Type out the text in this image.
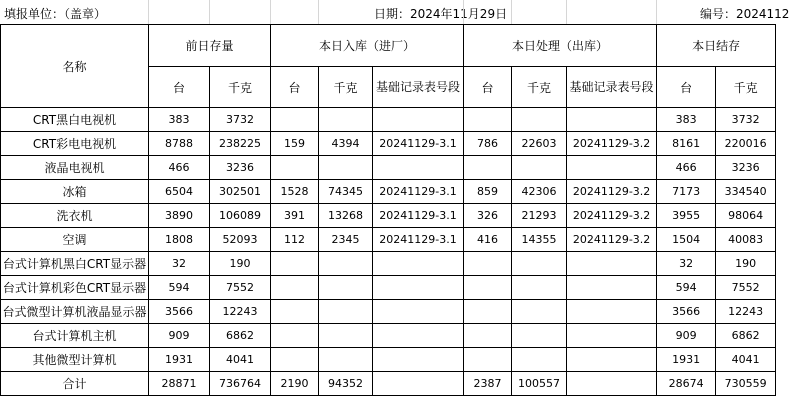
填报单位：（盖章）	日期：2024年11月29日	编号：2024112
名称	前日存量		本日入库（进厂）			本日处理（出库）			本日结存	
	台	千克	台	千克	基础记录表号段	台	千克	基础记录表号段	台	千克
CRT黑白电视机	383	3732							383	3732
CRT彩电电视机	8788	238225	159	4394	20241129-3.1	786	22603	20241129-3.2	8161	220016
液晶电视机	466	3236							466	3236
冰箱	6504	302501	1528	74345	20241129-3.1	859	42306	20241129-3.2	7173	334540
洗衣机	3890	106089	391	13268	20241129-3.1	326	21293	20241129-3.2	3955	98064
空调	1808	52093	112	2345	20241129-3.1	416	14355	20241129-3.2	1504	40083
台式计算机黑白CRT显示器	32	190							32	190
台式计算机彩色CRT显示器	594	7552							594	7552
台式微型计算机液晶显示器	3566	12243							3566	12243
台式计算机主机	909	6862							909	6862
其他微型计算机	1931	4041							1931	4041
合计	28871	736764	2190	94352		2387	100557		28674	730559
